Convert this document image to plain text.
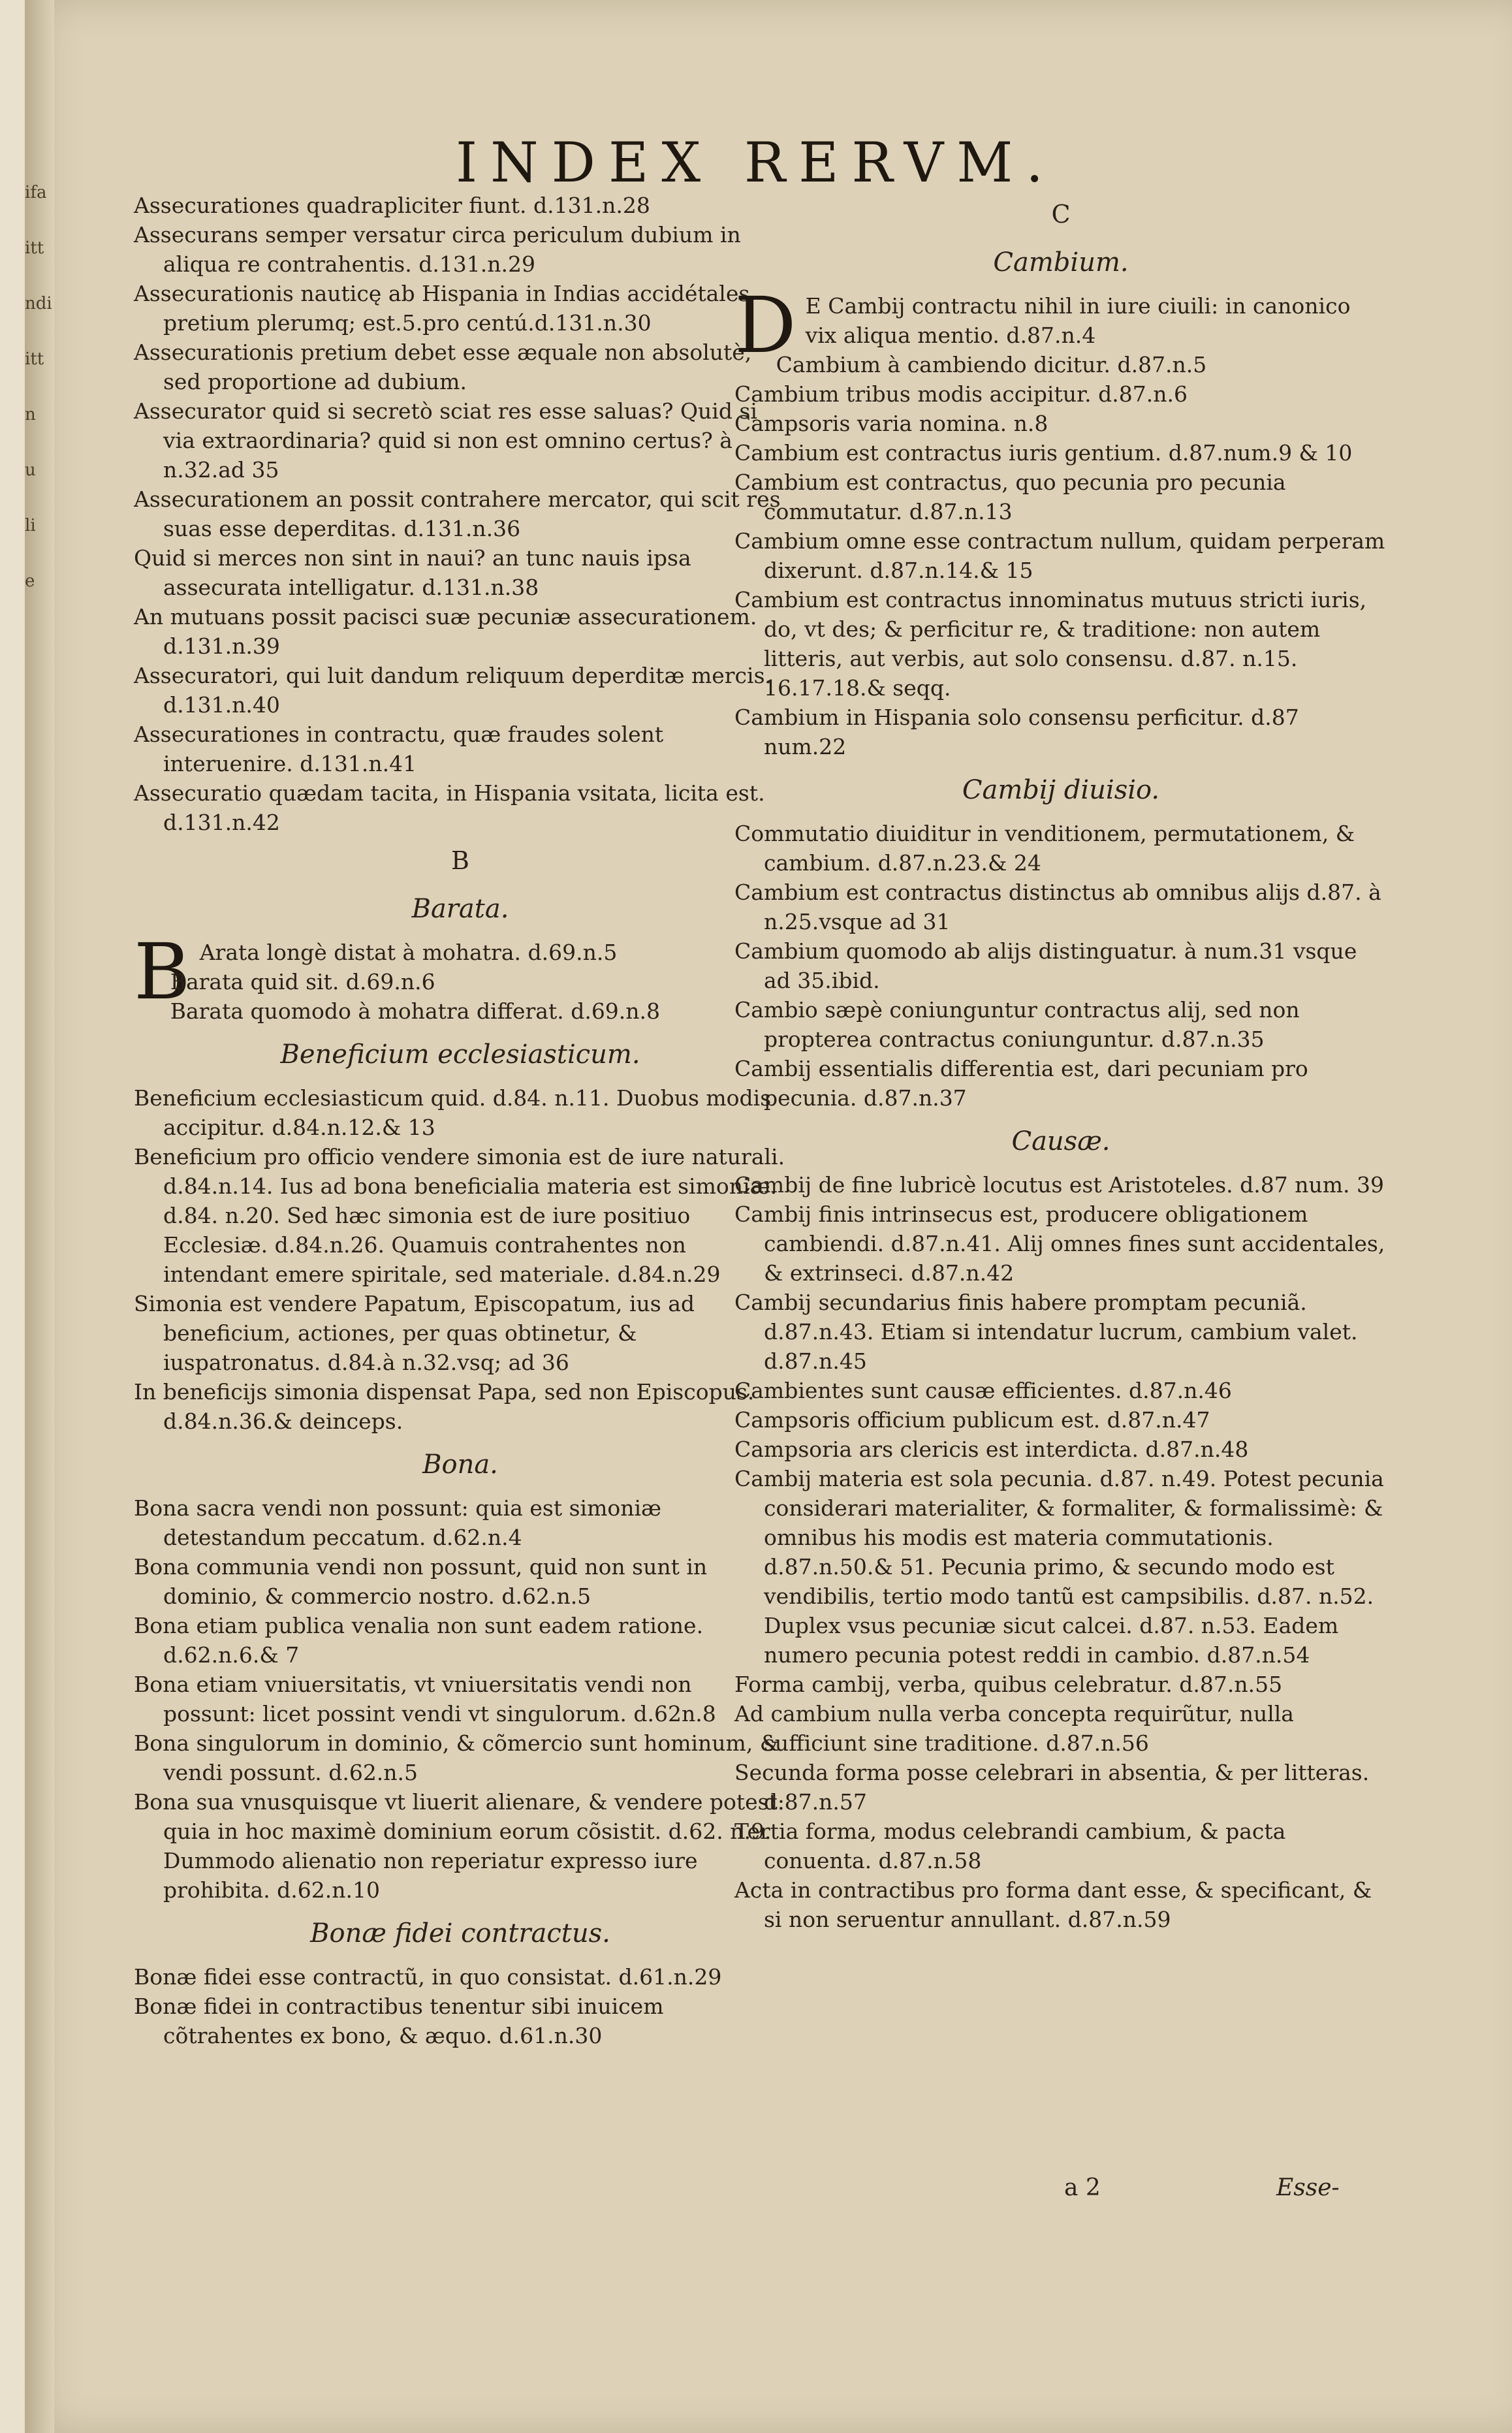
ifa
itt
ndi
itt
n
u
li
e
INDEX RERVM.

Assecurationes quadrapliciter fiunt. d.131.n.28

Assecurans semper versatur circa periculum dubium in aliqua re contrahentis. d.131.n.29

Assecurationis nauticę ab Hispania in Indias accidétales pretium plerumq; est.5.pro centú.d.131.n.30

Assecurationis pretium debet esse æquale non absolutè, sed proportione ad dubium.

Assecurator quid si secretò sciat res esse saluas? Quid si via extraordinaria? quid si non est omnino certus? à n.32.ad 35

Assecurationem an possit contrahere mercator, qui scit res suas esse deperditas. d.131.n.36

Quid si merces non sint in naui? an tunc nauis ipsa assecurata intelligatur. d.131.n.38

An mutuans possit pacisci suæ pecuniæ assecurationem. d.131.n.39

Assecuratori, qui luit dandum reliquum deperditæ mercis. d.131.n.40

Assecurationes in contractu, quæ fraudes solent interuenire. d.131.n.41

Assecuratio quædam tacita, in Hispania vsitata, licita est. d.131.n.42

B
Barata.

B Arata longè distat à mohatra. d.69.n.5

Barata quid sit. d.69.n.6

Barata quomodo à mohatra differat. d.69.n.8

Beneficium ecclesiasticum.

Beneficium ecclesiasticum quid. d.84. n.11. Duobus modis accipitur. d.84.n.12.& 13

Beneficium pro officio vendere simonia est de iure naturali. d.84.n.14. Ius ad bona beneficialia materia est simoniæ. d.84. n.20. Sed hæc simonia est de iure positiuo Ecclesiæ. d.84.n.26. Quamuis contrahentes non intendant emere spiritale, sed materiale. d.84.n.29

Simonia est vendere Papatum, Episcopatum, ius ad beneficium, actiones, per quas obtinetur, & iuspatronatus. d.84.à n.32.vsq; ad 36

In beneficijs simonia dispensat Papa, sed non Episcopus. d.84.n.36.& deinceps.

Bona.

Bona sacra vendi non possunt: quia est simoniæ detestandum peccatum. d.62.n.4

Bona communia vendi non possunt, quid non sunt in dominio, & commercio nostro. d.62.n.5

Bona etiam publica venalia non sunt eadem ratione. d.62.n.6.& 7

Bona etiam vniuersitatis, vt vniuersitatis vendi non possunt: licet possint vendi vt singulorum. d.62n.8

Bona singulorum in dominio, & cõmercio sunt hominum, & vendi possunt. d.62.n.5

Bona sua vnusquisque vt liuerit alienare, & vendere potest: quia in hoc maximè dominium eorum cõsistit. d.62. n.9. Dummodo alienatio non reperiatur expresso iure prohibita. d.62.n.10

Bonæ fidei contractus.

Bonæ fidei esse contractũ, in quo consistat. d.61.n.29

Bonæ fidei in contractibus tenentur sibi inuicem cõtrahentes ex bono, & æquo. d.61.n.30

C
Cambium.

D E Cambij contractu nihil in iure ciuili: in canonico vix aliqua mentio. d.87.n.4

Cambium à cambiendo dicitur. d.87.n.5

Cambium tribus modis accipitur. d.87.n.6

Campsoris varia nomina. n.8

Cambium est contractus iuris gentium. d.87.num.9 & 10

Cambium est contractus, quo pecunia pro pecunia commutatur. d.87.n.13

Cambium omne esse contractum nullum, quidam perperam dixerunt. d.87.n.14.& 15

Cambium est contractus innominatus mutuus stricti iuris, do, vt des; & perficitur re, & traditione: non autem litteris, aut verbis, aut solo consensu. d.87. n.15. 16.17.18.& seqq.

Cambium in Hispania solo consensu perficitur. d.87 num.22

Cambij diuisio.

Commutatio diuiditur in venditionem, permutationem, & cambium. d.87.n.23.& 24

Cambium est contractus distinctus ab omnibus alijs d.87. à n.25.vsque ad 31

Cambium quomodo ab alijs distinguatur. à num.31 vsque ad 35.ibid.

Cambio sæpè coniunguntur contractus alij, sed non propterea contractus coniunguntur. d.87.n.35

Cambij essentialis differentia est, dari pecuniam pro pecunia. d.87.n.37

Causæ.

Cambij de fine lubricè locutus est Aristoteles. d.87 num. 39

Cambij finis intrinsecus est, producere obligationem cambiendi. d.87.n.41. Alij omnes fines sunt accidentales, & extrinseci. d.87.n.42

Cambij secundarius finis habere promptam pecuniã. d.87.n.43. Etiam si intendatur lucrum, cambium valet. d.87.n.45

Cambientes sunt causæ efficientes. d.87.n.46

Campsoris officium publicum est. d.87.n.47

Campsoria ars clericis est interdicta. d.87.n.48

Cambij materia est sola pecunia. d.87. n.49. Potest pecunia considerari materialiter, & formaliter, & formalissimè: & omnibus his modis est materia commutationis. d.87.n.50.& 51. Pecunia primo, & secundo modo est vendibilis, tertio modo tantũ est campsibilis. d.87. n.52. Duplex vsus pecuniæ sicut calcei. d.87. n.53. Eadem numero pecunia potest reddi in cambio. d.87.n.54

Forma cambij, verba, quibus celebratur. d.87.n.55

Ad cambium nulla verba concepta requirũtur, nulla sufficiunt sine traditione. d.87.n.56

Secunda forma posse celebrari in absentia, & per litteras. d.87.n.57

Tertia forma, modus celebrandi cambium, & pacta conuenta. d.87.n.58

Acta in contractibus pro forma dant esse, & specificant, & si non seruentur annullant. d.87.n.59

a 2	Esse-
